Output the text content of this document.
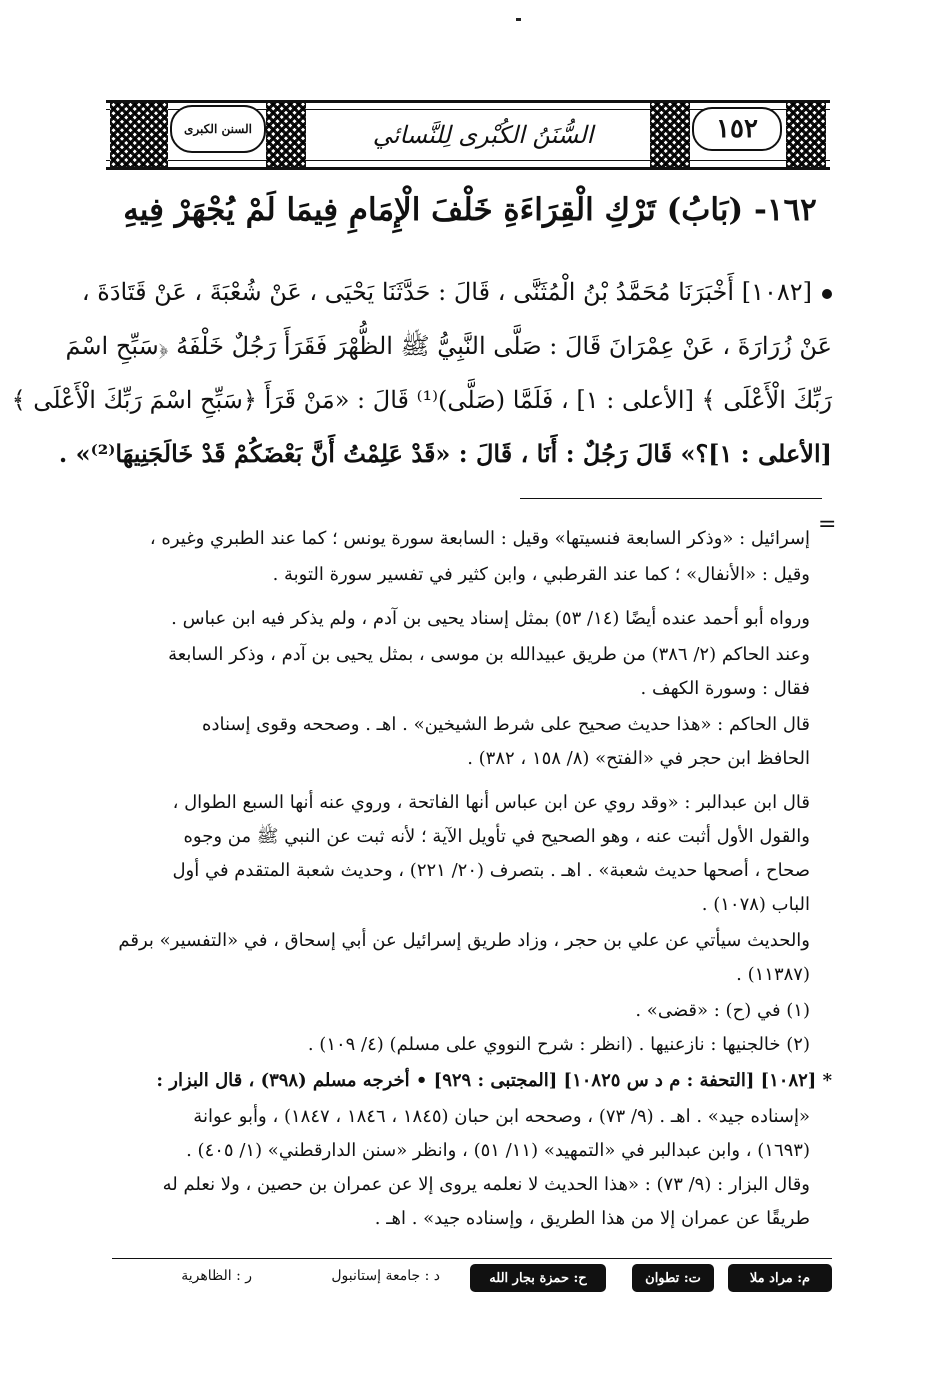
السنن الكبرى	السُّنَنُ الكُبْرى لِلنَّسائي	١٥٢
١٦٢- (بَابُ) تَرْكِ الْقِرَاءَةِ خَلْفَ الْإِمَامِ فِيمَا لَمْ يُجْهَرْ فِيهِ
[١٠٨٢] أَخْبَرَنَا مُحَمَّدُ بْنُ الْمُثَنَّى ، قَالَ : حَدَّثَنَا يَحْيَى ، عَنْ شُعْبَةَ ، عَنْ قَتَادَةَ ،
عَنْ زُرَارَةَ ، عَنْ عِمْرَانَ قَالَ : صَلَّى النَّبِيُّ ﷺ الظُّهْرَ فَقَرَأَ رَجُلٌ خَلْفَهُ ﴿سَبِّحِ اسْمَ
رَبِّكَ الْأَعْلَى ﴾ [الأعلى : ١] ، فَلَمَّا (صَلَّى)⁽¹⁾ قَالَ : «مَنْ قَرَأَ ﴿سَبِّحِ اسْمَ رَبِّكَ الْأَعْلَى ﴾
[الأعلى : ١]؟» قَالَ رَجُلٌ : أَنَا ، قَالَ : «قَدْ عَلِمْتُ أَنَّ بَعْضَكُمْ قَدْ خَالَجَنِيهَا⁽²⁾» .
=
إسرائيل : «وذكر السابعة فنسيتها» وقيل : السابعة سورة يونس ؛ كما عند الطبري وغيره ،
وقيل : «الأنفال» ؛ كما عند القرطبي ، وابن كثير في تفسير سورة التوبة .
ورواه أبو أحمد عنده أيضًا (١٤/ ٥٣) بمثل إسناد يحيى بن آدم ، ولم يذكر فيه ابن عباس .
وعند الحاكم (٢/ ٣٨٦) من طريق عبيدالله بن موسى ، بمثل يحيى بن آدم ، وذكر السابعة
فقال : وسورة الكهف .
قال الحاكم : «هذا حديث صحيح على شرط الشيخين» . اهـ . وصححه وقوى إسناده
الحافظ ابن حجر في «الفتح» (٨/ ١٥٨ ، ٣٨٢) .
قال ابن عبدالبر : «وقد روي عن ابن عباس أنها الفاتحة ، وروي عنه أنها السبع الطوال ،
والقول الأول أثبت عنه ، وهو الصحيح في تأويل الآية ؛ لأنه ثبت عن النبي ﷺ من وجوه
صحاح ، أصحها حديث شعبة» . اهـ . بتصرف (٢٠/ ٢٢١) ، وحديث شعبة المتقدم في أول
الباب (١٠٧٨) .
والحديث سيأتي عن علي بن حجر ، وزاد طريق إسرائيل عن أبي إسحاق ، في «التفسير» برقم
(١١٣٨٧) .
(١) في (ح) : «قضى» .
(٢) خالجنيها : نازعنيها . (انظر : شرح النووي على مسلم) (٤/ ١٠٩) .
* [١٠٨٢] [التحفة : م د س ١٠٨٢٥] [المجتبى : ٩٢٩] • أخرجه مسلم (٣٩٨) ، قال البزار :
«إسناده جيد» . اهـ . (٩/ ٧٣) ، وصححه ابن حبان (١٨٤٥ ، ١٨٤٦ ، ١٨٤٧) ، وأبو عوانة
(١٦٩٣) ، وابن عبدالبر في «التمهيد» (١١/ ٥١) ، وانظر «سنن الدارقطني» (١/ ٤٠٥) .
وقال البزار : (٩/ ٧٣) : «هذا الحديث لا نعلمه يروى إلا عن عمران بن حصين ، ولا نعلم له
طريقًا عن عمران إلا من هذا الطريق ، وإسناده جيد» . اهـ .
م: مراد ملا
ت: تطوان
ح: حمزة بجار الله
د : جامعة إستانبول
ر : الظاهرية
